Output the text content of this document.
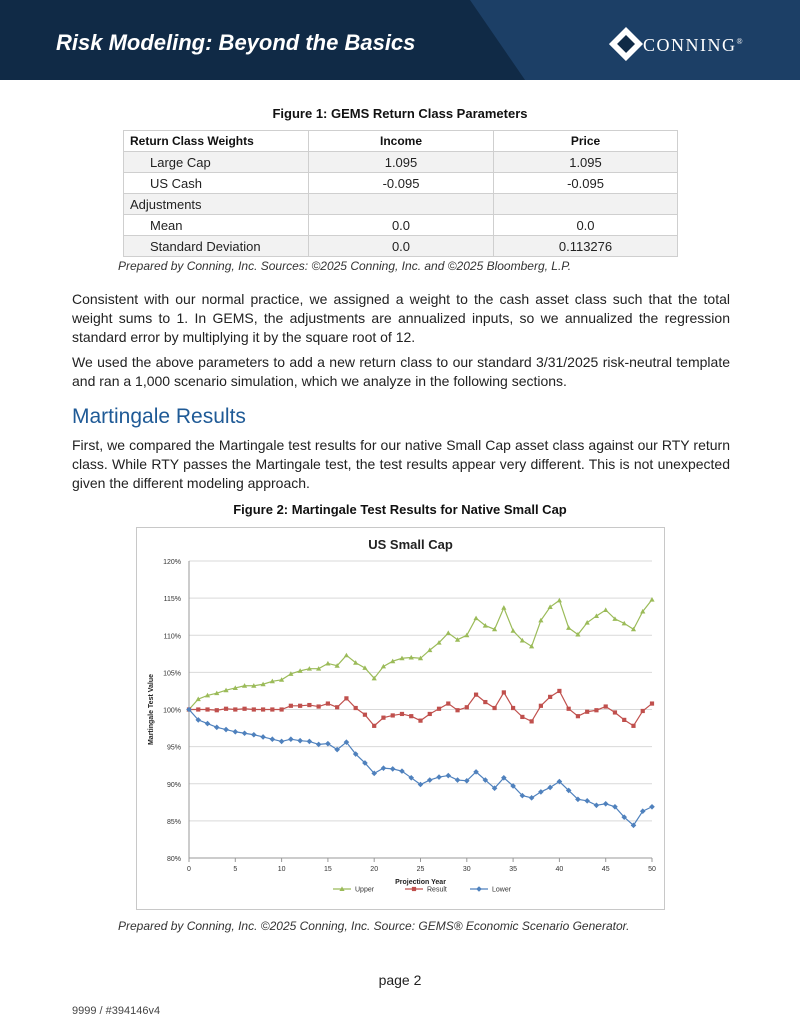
Risk Modeling: Beyond the Basics	CONNING®
Figure 1: GEMS Return Class Parameters
Return Class Weights	Income	Price
Large Cap	1.095	1.095
US Cash	-0.095	-0.095
Adjustments		
Mean	0.0	0.0
Standard Deviation	0.0	0.113276
Prepared by Conning, Inc. Sources: ©2025 Conning, Inc. and ©2025 Bloomberg, L.P.
Consistent with our normal practice, we assigned a weight to the cash asset class such that the total weight sums to 1. In GEMS, the adjustments are annualized inputs, so we annualized the regression standard error by multiplying it by the square root of 12.
We used the above parameters to add a new return class to our standard 3/31/2025 risk-neutral template and ran a 1,000 scenario simulation, which we analyze in the following sections.
Martingale Results
First, we compared the Martingale test results for our native Small Cap asset class against our RTY return class. While RTY passes the Martingale test, the test results appear very different. This is not unexpected given the different modeling approach.
Figure 2: Martingale Test Results for Native Small Cap
US Small Cap
80%
85%
90%
95%
100%
105%
110%
115%
120%
0	5	10	15	20	25	30	35	40	45	50
Projection Year
Martingale Test Value
Upper	Result	Lower
Prepared by Conning, Inc. ©2025 Conning, Inc. Source: GEMS® Economic Scenario Generator.
page 2
9999 / #394146v4
